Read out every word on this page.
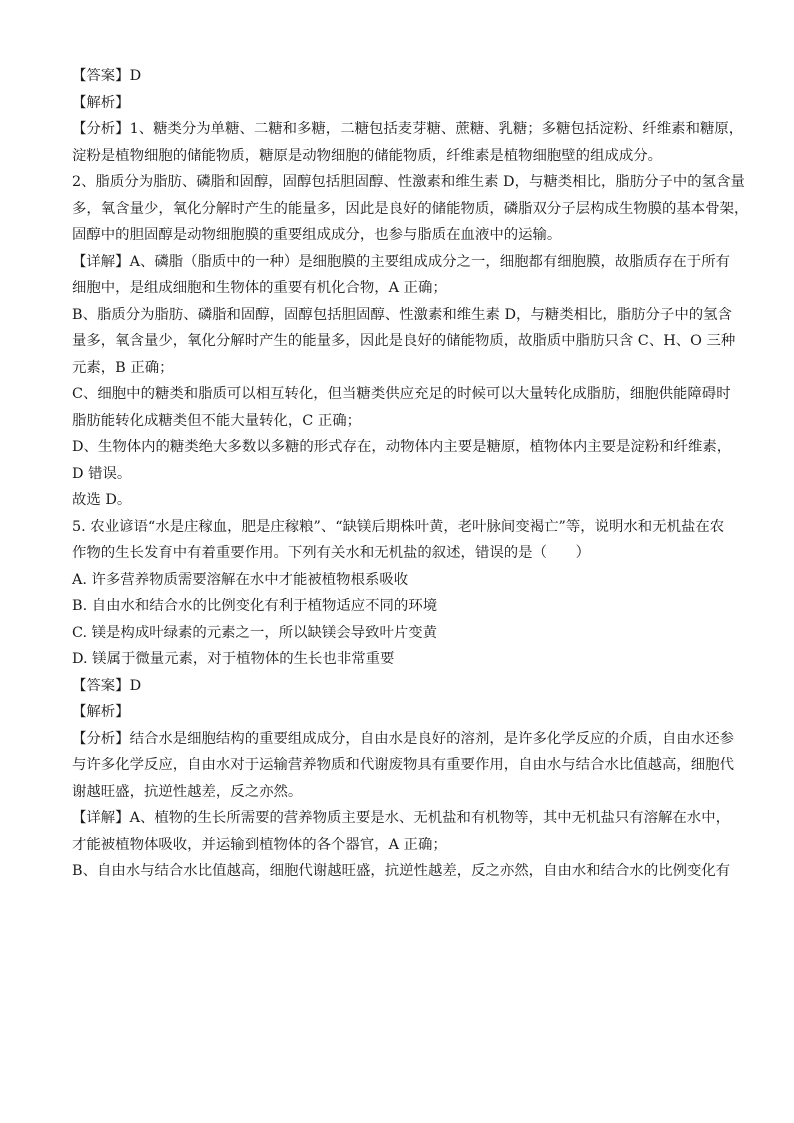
【答案】D
【解析】
【分析】1、糖类分为单糖、二糖和多糖，二糖包括麦芽糖、蔗糖、乳糖；多糖包括淀粉、纤维素和糖原，
淀粉是植物细胞的储能物质，糖原是动物细胞的储能物质，纤维素是植物细胞壁的组成成分。
2、脂质分为脂肪、磷脂和固醇，固醇包括胆固醇、性激素和维生素 D，与糖类相比，脂肪分子中的氢含量
多，氧含量少，氧化分解时产生的能量多，因此是良好的储能物质，磷脂双分子层构成生物膜的基本骨架，
固醇中的胆固醇是动物细胞膜的重要组成成分，也参与脂质在血液中的运输。
【详解】A、磷脂（脂质中的一种）是细胞膜的主要组成成分之一，细胞都有细胞膜，故脂质存在于所有
细胞中，是组成细胞和生物体的重要有机化合物，A 正确；
B、脂质分为脂肪、磷脂和固醇，固醇包括胆固醇、性激素和维生素 D，与糖类相比，脂肪分子中的氢含
量多，氧含量少，氧化分解时产生的能量多，因此是良好的储能物质，故脂质中脂肪只含 C、H、O 三种
元素，B 正确；
C、细胞中的糖类和脂质可以相互转化，但当糖类供应充足的时候可以大量转化成脂肪，细胞供能障碍时
脂肪能转化成糖类但不能大量转化，C 正确；
D、生物体内的糖类绝大多数以多糖的形式存在，动物体内主要是糖原，植物体内主要是淀粉和纤维素，
D 错误。
故选 D。
5. 农业谚语“水是庄稼血，肥是庄稼粮”、“缺镁后期株叶黄，老叶脉间变褐亡”等，说明水和无机盐在农
作物的生长发育中有着重要作用。下列有关水和无机盐的叙述，错误的是（　　）
A. 许多营养物质需要溶解在水中才能被植物根系吸收
B. 自由水和结合水的比例变化有利于植物适应不同的环境
C. 镁是构成叶绿素的元素之一，所以缺镁会导致叶片变黄
D. 镁属于微量元素，对于植物体的生长也非常重要
【答案】D
【解析】
【分析】结合水是细胞结构的重要组成成分，自由水是良好的溶剂，是许多化学反应的介质，自由水还参
与许多化学反应，自由水对于运输营养物质和代谢废物具有重要作用，自由水与结合水比值越高，细胞代
谢越旺盛，抗逆性越差，反之亦然。
【详解】A、植物的生长所需要的营养物质主要是水、无机盐和有机物等，其中无机盐只有溶解在水中，
才能被植物体吸收，并运输到植物体的各个器官，A 正确；
B、自由水与结合水比值越高，细胞代谢越旺盛，抗逆性越差，反之亦然，自由水和结合水的比例变化有
